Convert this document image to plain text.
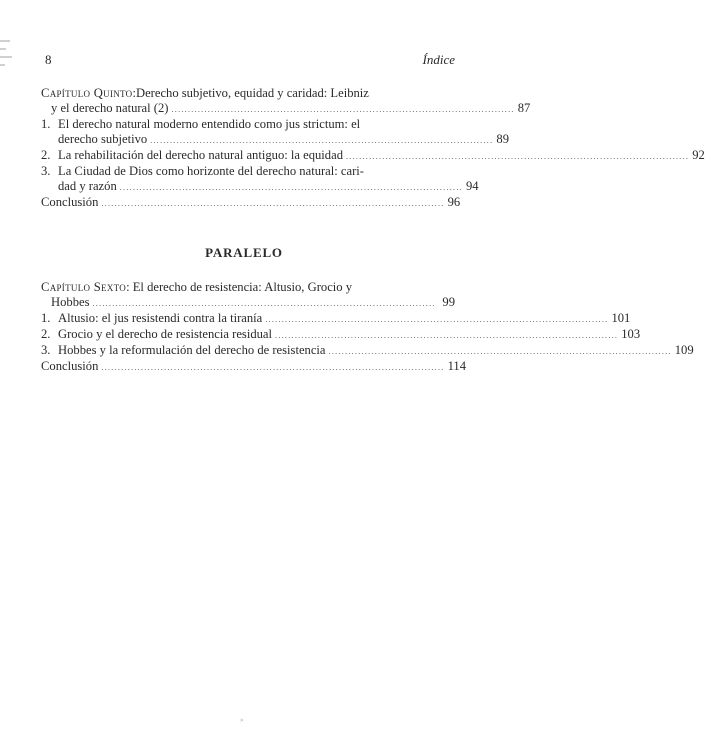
8	Índice
Capítulo Quinto:Derecho subjetivo, equidad y caridad: Leibniz
y el derecho natural (2) ........................................................................................................ 87
1. El derecho natural moderno entendido como jus strictum: el
derecho subjetivo ........................................................................................................ 89
2. La rehabilitación del derecho natural antiguo: la equidad ........................................................................................................ 92
3. La Ciudad de Dios como horizonte del derecho natural: cari-
dad y razón ........................................................................................................ 94
Conclusión ........................................................................................................ 96
PARALELO
Capítulo Sexto: El derecho de resistencia: Altusio, Grocio y
Hobbes ........................................................................................................ 99
1. Altusio: el jus resistendi contra la tiranía ........................................................................................................ 101
2. Grocio y el derecho de resistencia residual ........................................................................................................ 103
3. Hobbes y la reformulación del derecho de resistencia ........................................................................................................ 109
Conclusión ........................................................................................................ 114
»
